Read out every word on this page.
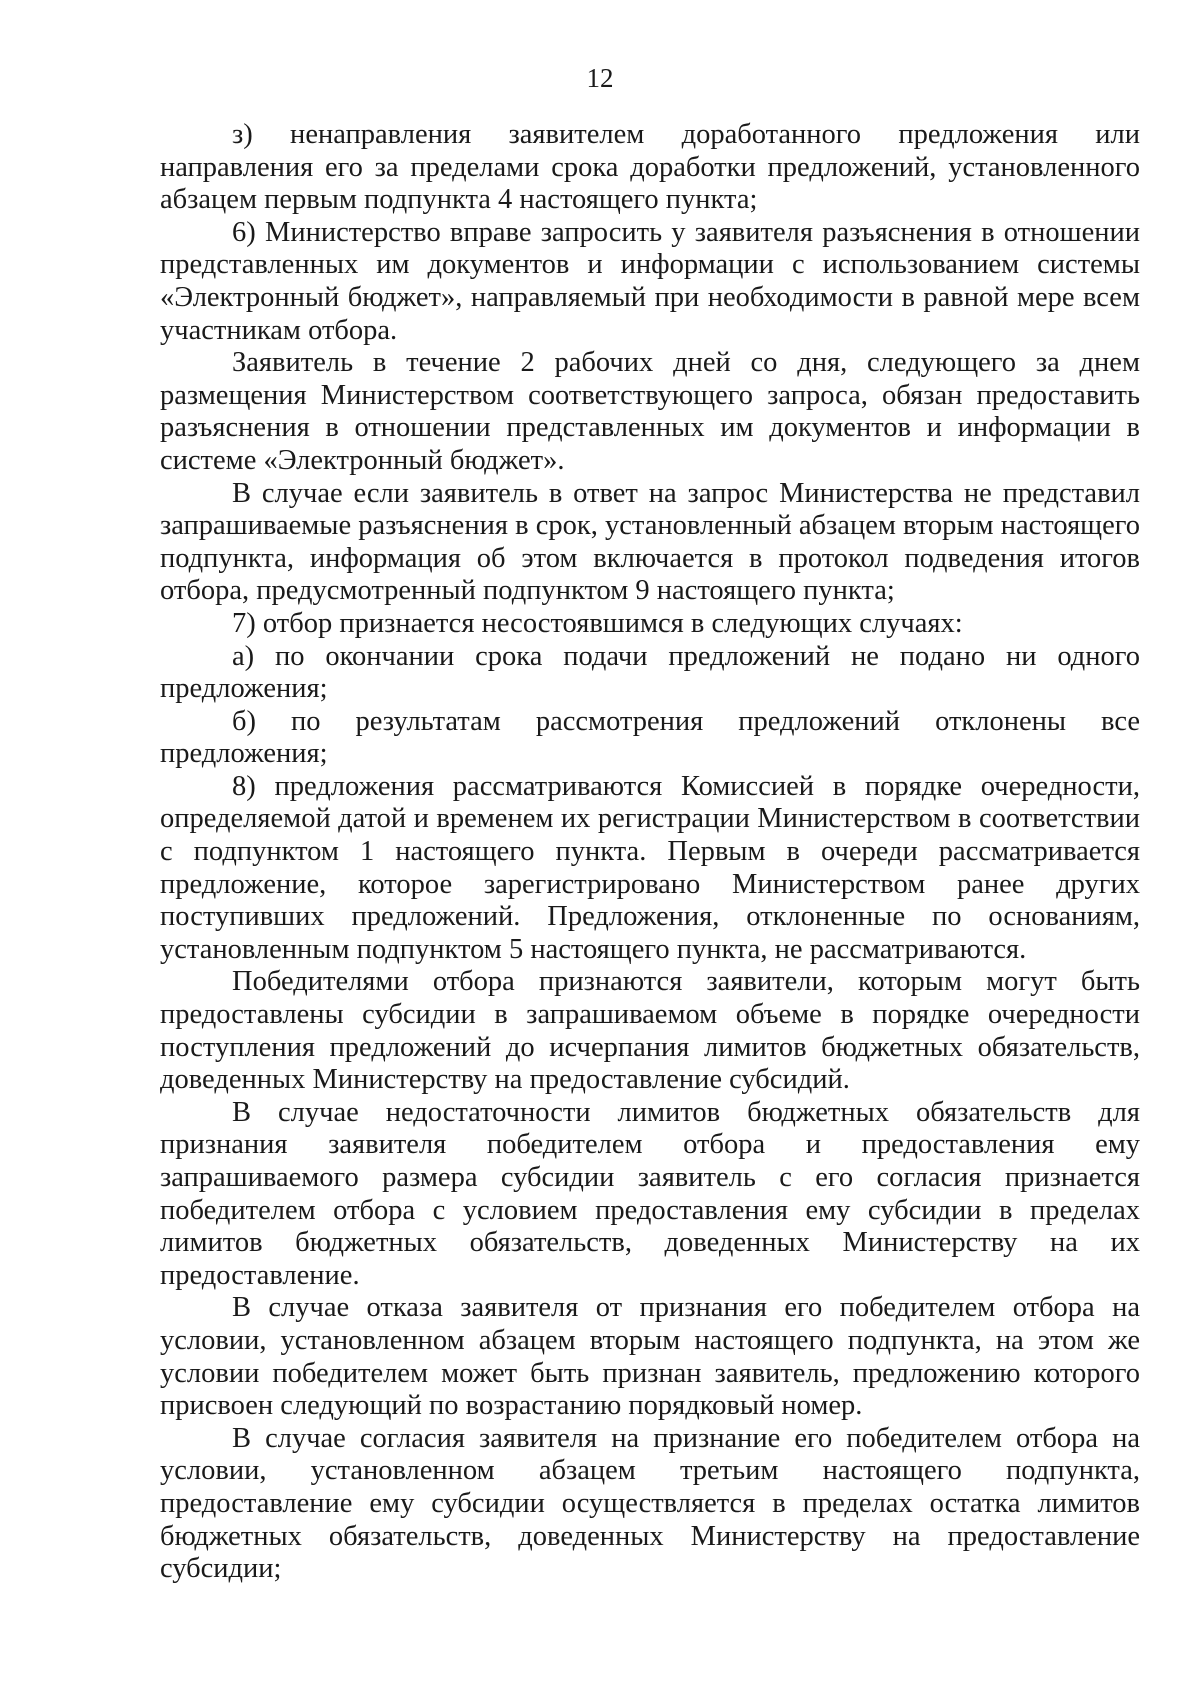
12

з) ненаправления заявителем доработанного предложения или направления его за пределами срока доработки предложений, установленного абзацем первым подпункта 4 настоящего пункта;

6) Министерство вправе запросить у заявителя разъяснения в отношении представленных им документов и информации с использованием системы «Электронный бюджет», направляемый при необходимости в равной мере всем участникам отбора.

Заявитель в течение 2 рабочих дней со дня, следующего за днем размещения Министерством соответствующего запроса, обязан предоставить разъяснения в отношении представленных им документов и информации в системе «Электронный бюджет».

В случае если заявитель в ответ на запрос Министерства не представил запрашиваемые разъяснения в срок, установленный абзацем вторым настоящего подпункта, информация об этом включается в протокол подведения итогов отбора, предусмотренный подпунктом 9 настоящего пункта;

7) отбор признается несостоявшимся в следующих случаях:

а) по окончании срока подачи предложений не подано ни одного предложения;

б) по результатам рассмотрения предложений отклонены все предложения;

8) предложения рассматриваются Комиссией в порядке очередности, определяемой датой и временем их регистрации Министерством в соответствии с подпунктом 1 настоящего пункта. Первым в очереди рассматривается предложение, которое зарегистрировано Министерством ранее других поступивших предложений. Предложения, отклоненные по основаниям, установленным подпунктом 5 настоящего пункта, не рассматриваются.

Победителями отбора признаются заявители, которым могут быть предоставлены субсидии в запрашиваемом объеме в порядке очередности поступления предложений до исчерпания лимитов бюджетных обязательств, доведенных Министерству на предоставление субсидий.

В случае недостаточности лимитов бюджетных обязательств для признания заявителя победителем отбора и предоставления ему запрашиваемого размера субсидии заявитель с его согласия признается победителем отбора с условием предоставления ему субсидии в пределах лимитов бюджетных обязательств, доведенных Министерству на их предоставление.

В случае отказа заявителя от признания его победителем отбора на условии, установленном абзацем вторым настоящего подпункта, на этом же условии победителем может быть признан заявитель, предложению которого присвоен следующий по возрастанию порядковый номер.

В случае согласия заявителя на признание его победителем отбора на условии, установленном абзацем третьим настоящего подпункта, предоставление ему субсидии осуществляется в пределах остатка лимитов бюджетных обязательств, доведенных Министерству на предоставление субсидии;
